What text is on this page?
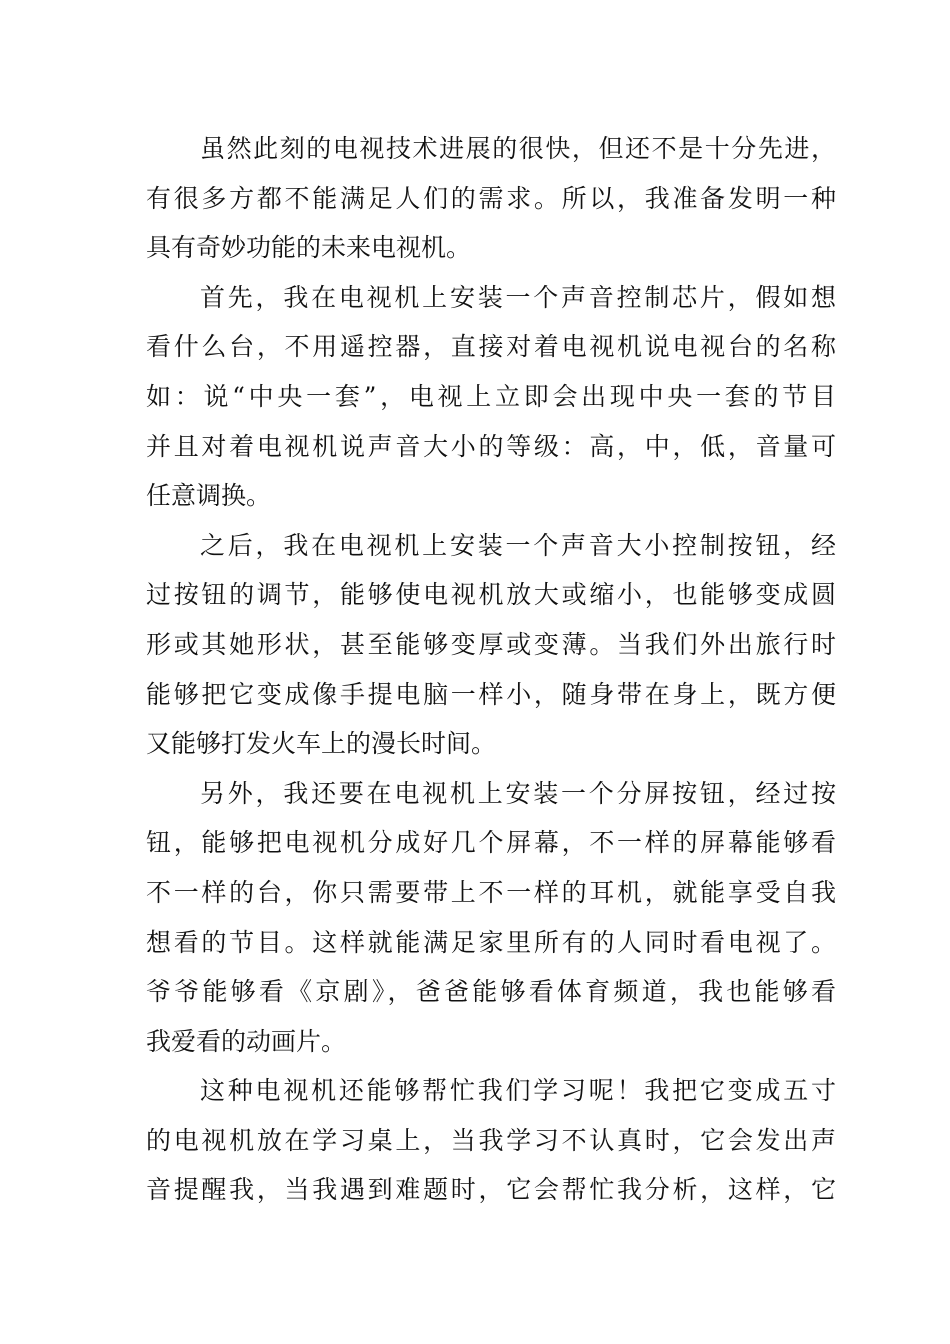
虽然此刻的电视技术进展的很快，但还不是十分先进，
有很多方都不能满足人们的需求。所以，我准备发明一种
具有奇妙功能的未来电视机。
首先，我在电视机上安装一个声音控制芯片，假如想
看什么台，不用遥控器，直接对着电视机说电视台的名称
如：说“中央一套”，电视上立即会出现中央一套的节目
并且对着电视机说声音大小的等级：高，中，低，音量可
任意调换。
之后，我在电视机上安装一个声音大小控制按钮，经
过按钮的调节，能够使电视机放大或缩小，也能够变成圆
形或其她形状，甚至能够变厚或变薄。当我们外出旅行时
能够把它变成像手提电脑一样小，随身带在身上，既方便
又能够打发火车上的漫长时间。
另外，我还要在电视机上安装一个分屏按钮，经过按
钮，能够把电视机分成好几个屏幕，不一样的屏幕能够看
不一样的台，你只需要带上不一样的耳机，就能享受自我
想看的节目。这样就能满足家里所有的人同时看电视了。
爷爷能够看《京剧》，爸爸能够看体育频道，我也能够看
我爱看的动画片。
这种电视机还能够帮忙我们学习呢！我把它变成五寸
的电视机放在学习桌上，当我学习不认真时，它会发出声
音提醒我，当我遇到难题时，它会帮忙我分析，这样，它
